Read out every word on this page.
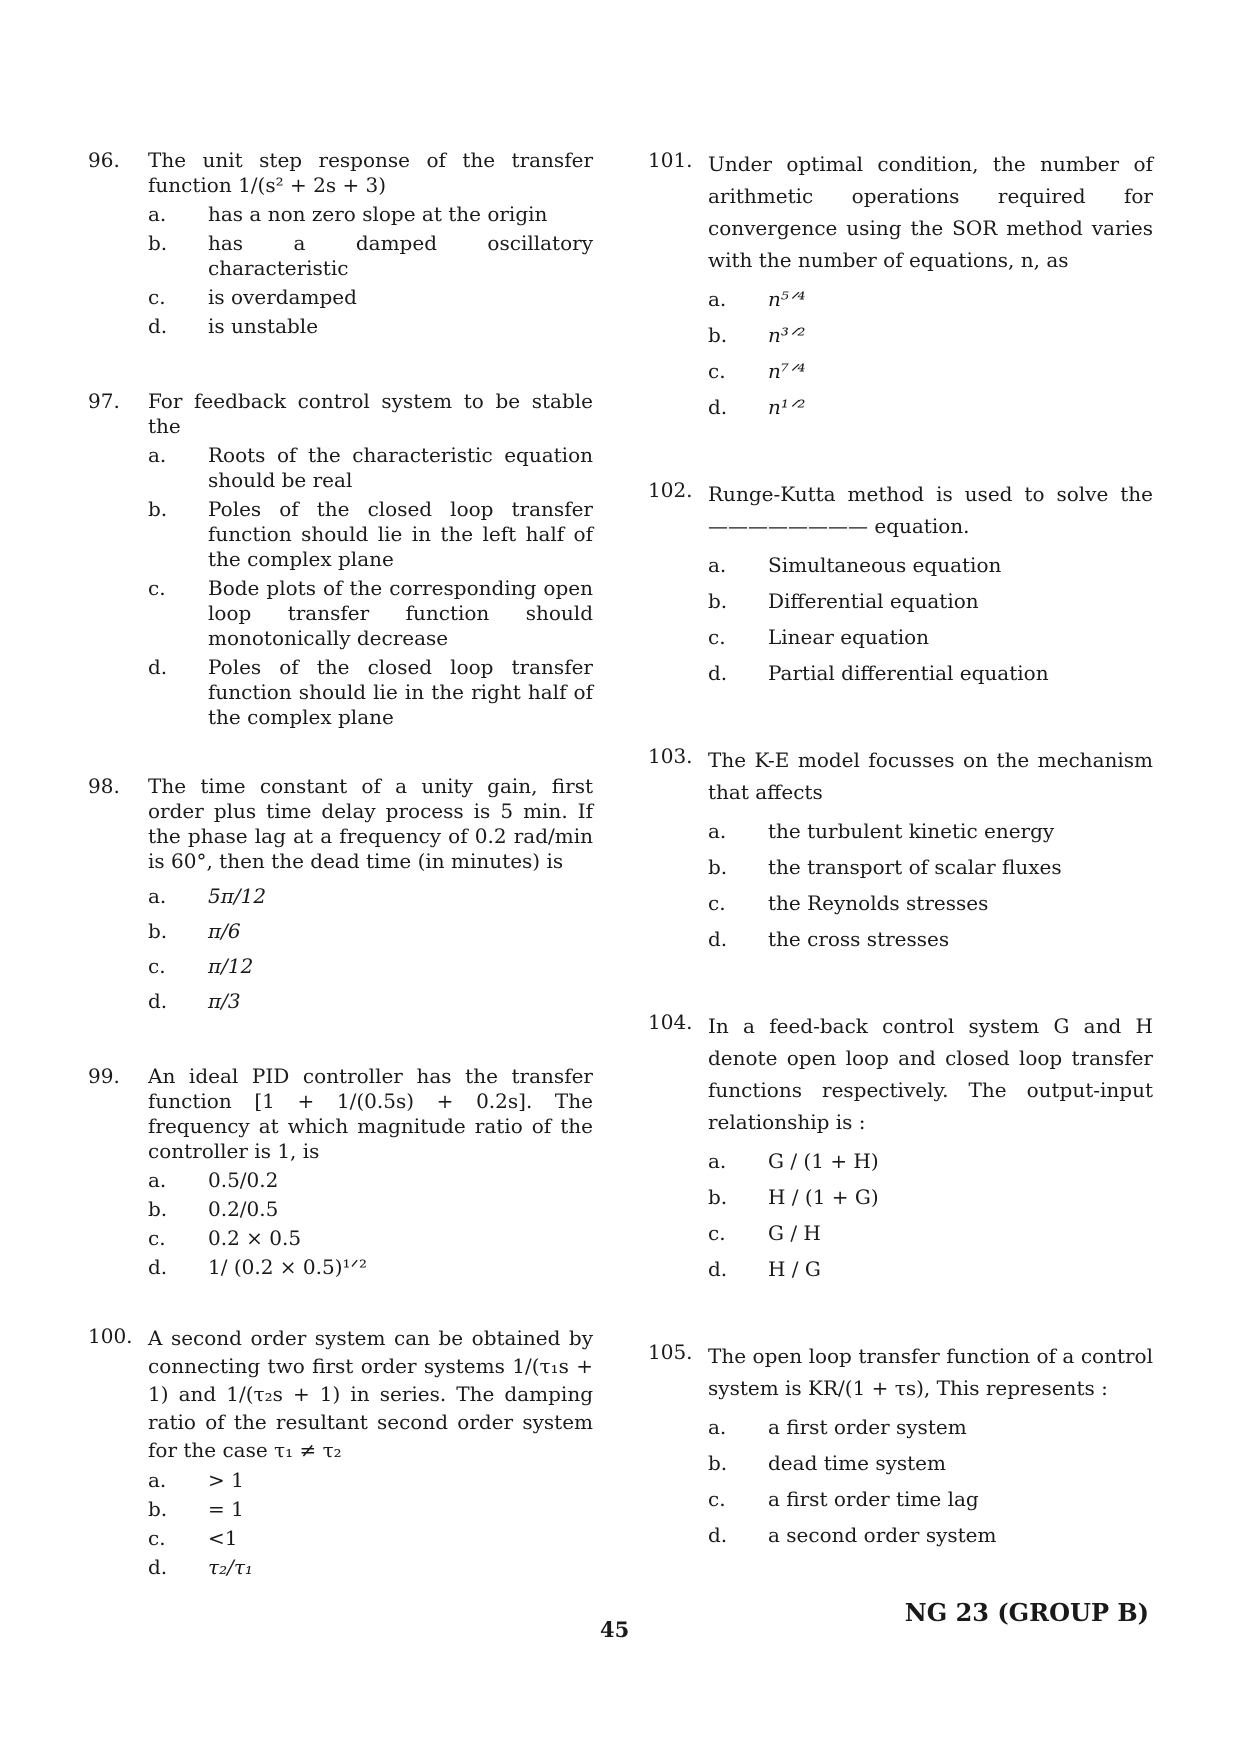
96. The unit step response of the transfer function 1/(s² + 2s + 3)
a. has a non zero slope at the origin
b. has a damped oscillatory characteristic
c. is overdamped
d. is unstable
97. For feedback control system to be stable the
a. Roots of the characteristic equation should be real
b. Poles of the closed loop transfer function should lie in the left half of the complex plane
c. Bode plots of the corresponding open loop transfer function should monotonically decrease
d. Poles of the closed loop transfer function should lie in the right half of the complex plane
98. The time constant of a unity gain, first order plus time delay process is 5 min. If the phase lag at a frequency of 0.2 rad/min is 60°, then the dead time (in minutes) is
a. 5π/12
b. π/6
c. π/12
d. π/3
99. An ideal PID controller has the transfer function [1 + 1/(0.5s) + 0.2s]. The frequency at which magnitude ratio of the controller is 1, is
a. 0.5/0.2
b. 0.2/0.5
c. 0.2 × 0.5
d. 1/ (0.2 × 0.5)¹ᐟ²
100. A second order system can be obtained by connecting two first order systems 1/(τ₁s + 1) and 1/(τ₂s + 1) in series. The damping ratio of the resultant second order system for the case τ₁ ≠ τ₂
a. > 1
b. = 1
c. <1
d. τ₂/τ₁
101. Under optimal condition, the number of arithmetic operations required for convergence using the SOR method varies with the number of equations, n, as
a. n⁵ᐟ⁴
b. n³ᐟ²
c. n⁷ᐟ⁴
d. n¹ᐟ²
102. Runge-Kutta method is used to solve the ———————— equation.
a. Simultaneous equation
b. Differential equation
c. Linear equation
d. Partial differential equation
103. The K-E model focusses on the mechanism that affects
a. the turbulent kinetic energy
b. the transport of scalar fluxes
c. the Reynolds stresses
d. the cross stresses
104. In a feed-back control system G and H denote open loop and closed loop transfer functions respectively. The output-input relationship is :
a. G / (1 + H)
b. H / (1 + G)
c. G / H
d. H / G
105. The open loop transfer function of a control system is KR/(1 + τs), This represents :
a. a first order system
b. dead time system
c. a first order time lag
d. a second order system
45
NG 23 (GROUP B)
